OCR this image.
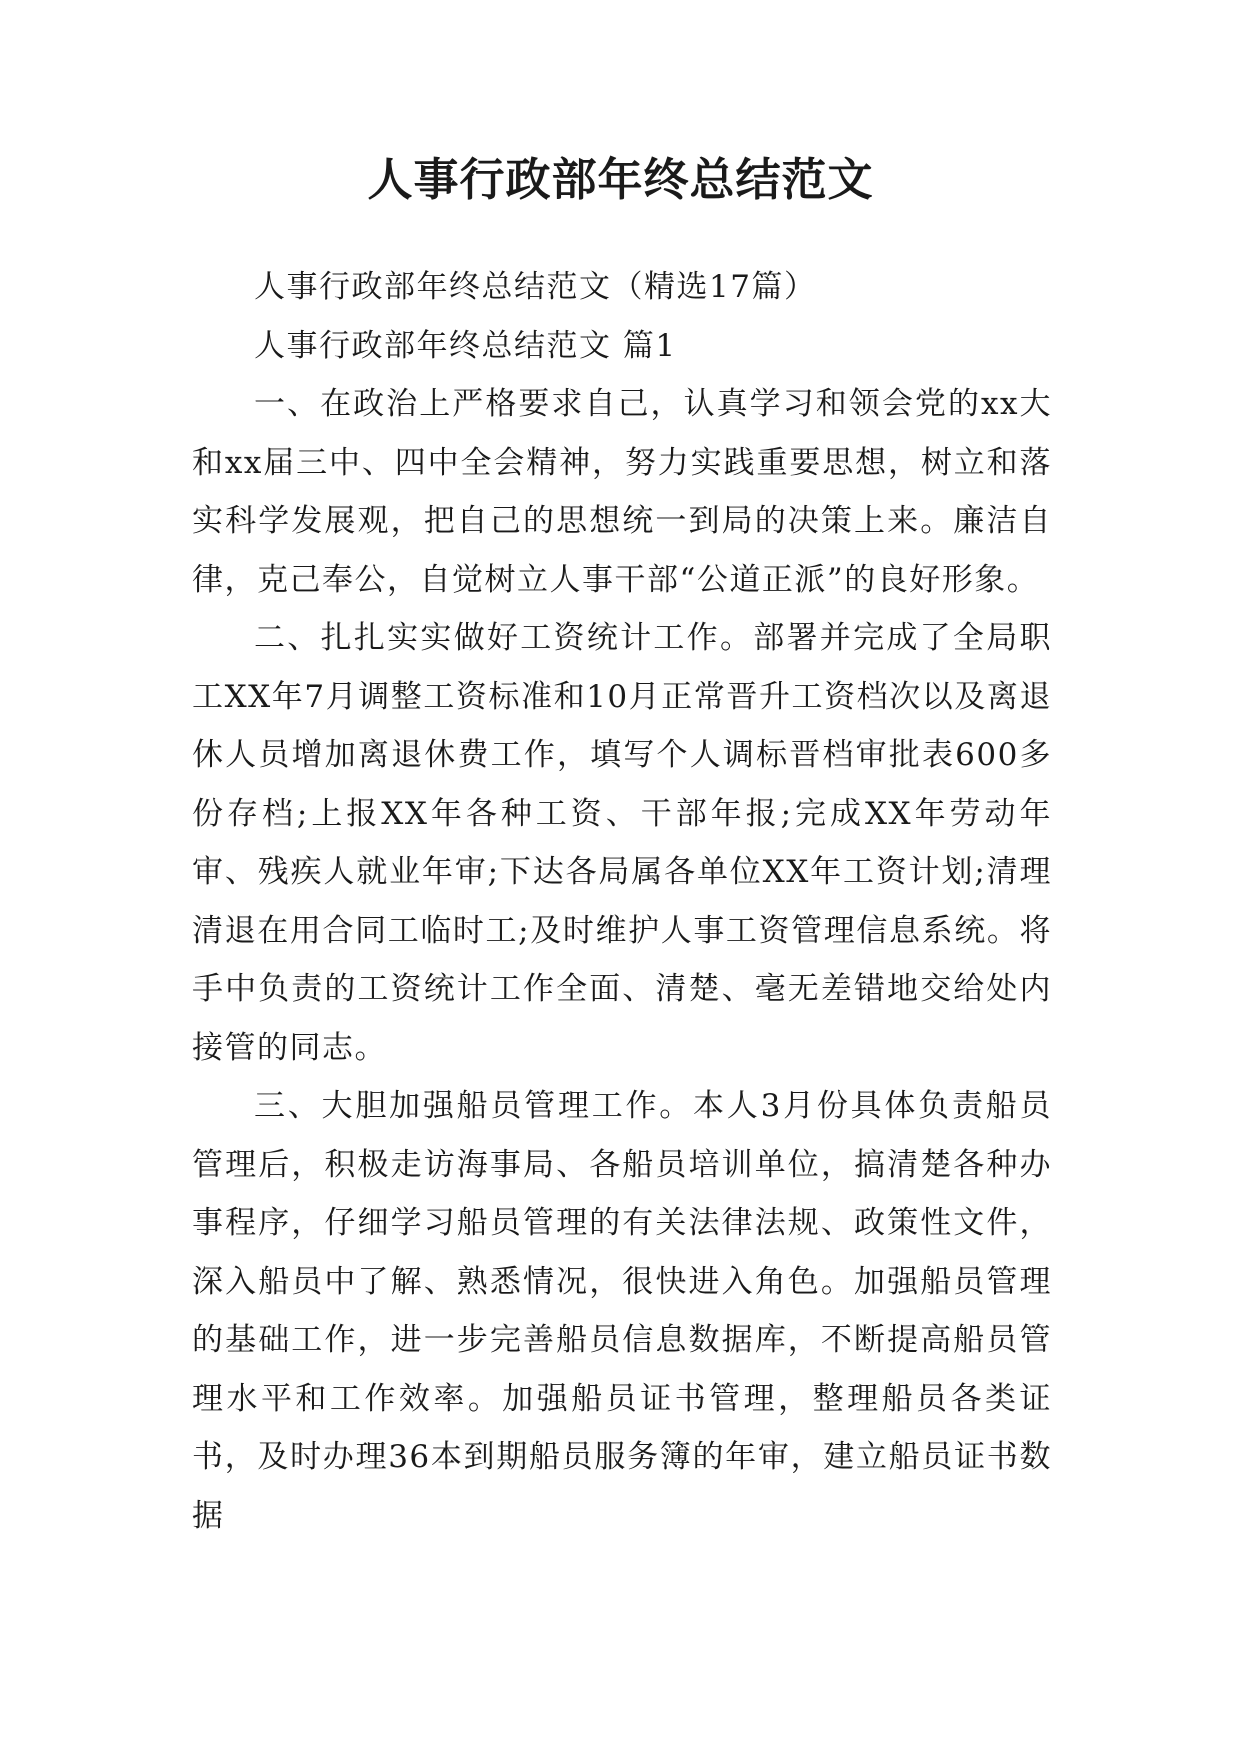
人事行政部年终总结范文

人事行政部年终总结范文（精选17篇）

人事行政部年终总结范文 篇1

一、在政治上严格要求自己，认真学习和领会党的xx大和xx届三中、四中全会精神，努力实践重要思想，树立和落实科学发展观，把自己的思想统一到局的决策上来。廉洁自律，克己奉公，自觉树立人事干部“公道正派”的良好形象。

二、扎扎实实做好工资统计工作。部署并完成了全局职工XX年7月调整工资标准和10月正常晋升工资档次以及离退休人员增加离退休费工作，填写个人调标晋档审批表600多份存档;上报XX年各种工资、干部年报;完成XX年劳动年审、残疾人就业年审;下达各局属各单位XX年工资计划;清理清退在用合同工临时工;及时维护人事工资管理信息系统。将手中负责的工资统计工作全面、清楚、毫无差错地交给处内接管的同志。

三、大胆加强船员管理工作。本人3月份具体负责船员管理后，积极走访海事局、各船员培训单位，搞清楚各种办事程序，仔细学习船员管理的有关法律法规、政策性文件，深入船员中了解、熟悉情况，很快进入角色。加强船员管理的基础工作，进一步完善船员信息数据库，不断提高船员管理水平和工作效率。加强船员证书管理，整理船员各类证书，及时办理36本到期船员服务簿的年审，建立船员证书数据
